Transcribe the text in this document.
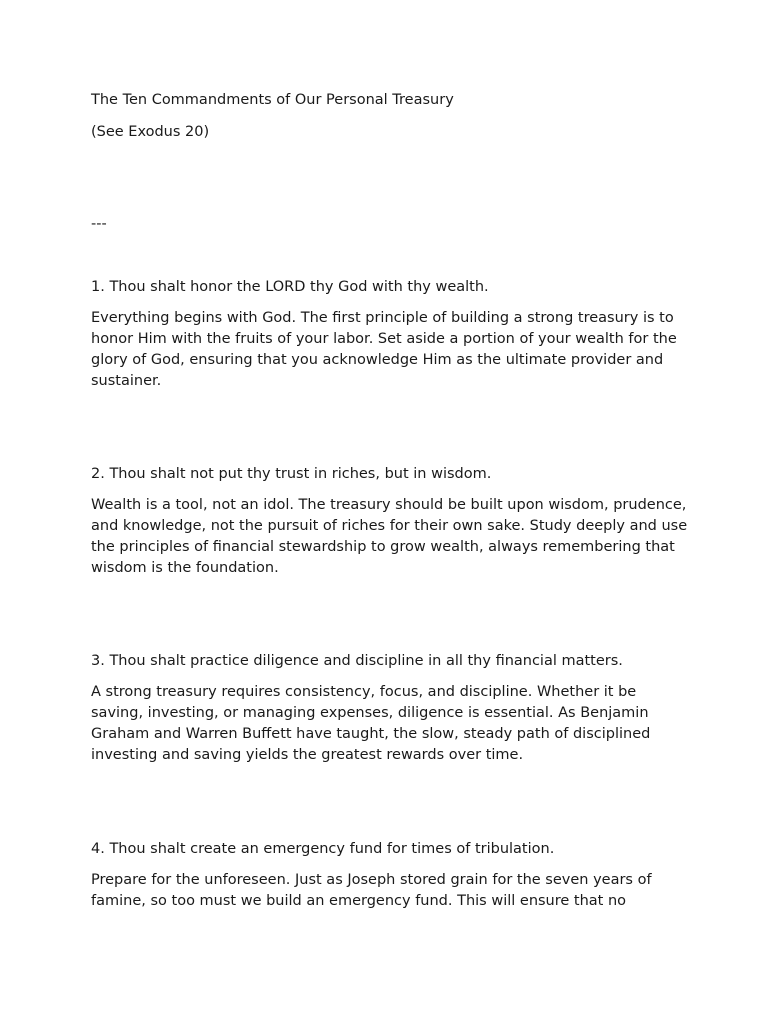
The Ten Commandments of Our Personal Treasury

(See Exodus 20)

---

1. Thou shalt honor the LORD thy God with thy wealth.

Everything begins with God. The first principle of building a strong treasury is to honor Him with the fruits of your labor. Set aside a portion of your wealth for the glory of God, ensuring that you acknowledge Him as the ultimate provider and sustainer.

2. Thou shalt not put thy trust in riches, but in wisdom.

Wealth is a tool, not an idol. The treasury should be built upon wisdom, prudence, and knowledge, not the pursuit of riches for their own sake. Study deeply and use the principles of financial stewardship to grow wealth, always remembering that wisdom is the foundation.

3. Thou shalt practice diligence and discipline in all thy financial matters.

A strong treasury requires consistency, focus, and discipline. Whether it be saving, investing, or managing expenses, diligence is essential. As Benjamin Graham and Warren Buffett have taught, the slow, steady path of disciplined investing and saving yields the greatest rewards over time.

4. Thou shalt create an emergency fund for times of tribulation.

Prepare for the unforeseen. Just as Joseph stored grain for the seven years of famine, so too must we build an emergency fund. This will ensure that no
